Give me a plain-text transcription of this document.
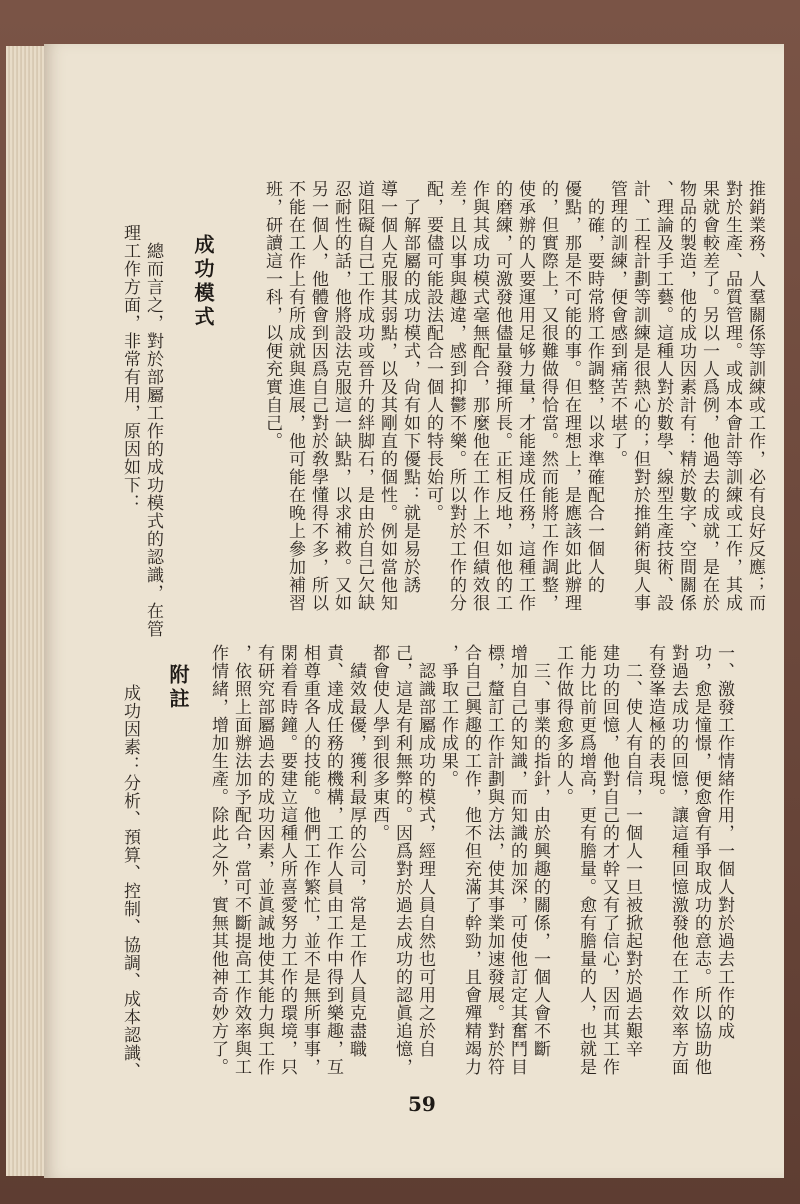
推銷業務、人羣關係等訓練或工作，必有良好反應；而
對於生產、品質管理。或成本會計等訓練或工作，其成
果就會較差了。另以一人爲例，他過去的成就，是在於
物品的製造，他的成功因素計有：精於數字、空間關係
、理論及手工藝。這種人對於數學、線型生產技術、設
計、工程計劃等訓練是很熱心的；但對於推銷術與人事
管理的訓練，便會感到痛苦不堪了。
　的確，要時常將工作調整，以求準確配合一個人的
優點，那是不可能的事。但在理想上，是應該如此辦理
的，但實際上，又很難做得恰當。然而能將工作調整，
使承辦的人要運用足够力量，才能達成任務，這種工作
的磨練，可激發他儘量發揮所長。正相反地，如他的工
作與其成功模式毫無配合，那麼他在工作上不但績效很
差，且以事與趣違，感到抑鬱不樂。所以對於工作的分
配，要儘可能設法配合一個人的特長始可。
　了解部屬的成功模式，尙有如下優點：就是易於誘
導一個人克服其弱點，以及其剛直的個性。例如當他知
道阻礙自己工作成功或晉升的絆脚石，是由於自己欠缺
忍耐性的話，他將設法克服這一缺點，以求補救。又如
另一個人，他體會到因爲自己對於敎學懂得不多，所以
不能在工作上有所成就與進展，他可能在晚上參加補習
班，研讀這一科，以便充實自己。
成功模式
　總而言之，對於部屬工作的成功模式的認識，在管
理工作方面，非常有用，原因如下：
一、激發工作情緒作用，一個人對於過去工作的成
功，愈是憧憬，便愈會有爭取成功的意志。所以協助他
對過去成功的回憶，讓這種回憶激發他在工作效率方面
有登峯造極的表現。
　二、使人有自信，一個人一旦被掀起對於過去艱辛
建功的回憶，他對自己的才幹又有了信心，因而其工作
能力比前更爲增高，更有膽量。愈有膽量的人，也就是
工作做得愈多的人。
　三、事業的指針，由於興趣的關係，一個人會不斷
增加自己的知識，而知識的加深，可使他訂定其奮鬥目
標，釐訂工作計劃與方法，使其事業加速發展。對於符
合自己興趣的工作，他不但充滿了幹勁，且會殫精竭力
，爭取工作成果。
　認識部屬成功的模式，經理人員自然也可用之於自
己，這是有利無弊的。因爲對於過去成功的認眞追憶，
都會使人學到很多東西。
　績效最優，獲利最厚的公司，常是工作人員克盡職
責、達成任務的機構，工作人員由工作中得到樂趣，互
相尊重各人的技能。他們工作繁忙，並不是無所事事，
閑着看時鐘。要建立這種人所喜愛努力工作的環境，只
有研究部屬過去的成功因素，並眞誠地使其能力與工作
，依照上面辦法加予配合，當可不斷提高工作效率與工
作情緒，增加生產。除此之外，實無其他神奇妙方了。
附註
成功因素：分析、預算、控制、協調、成本認識、
59
